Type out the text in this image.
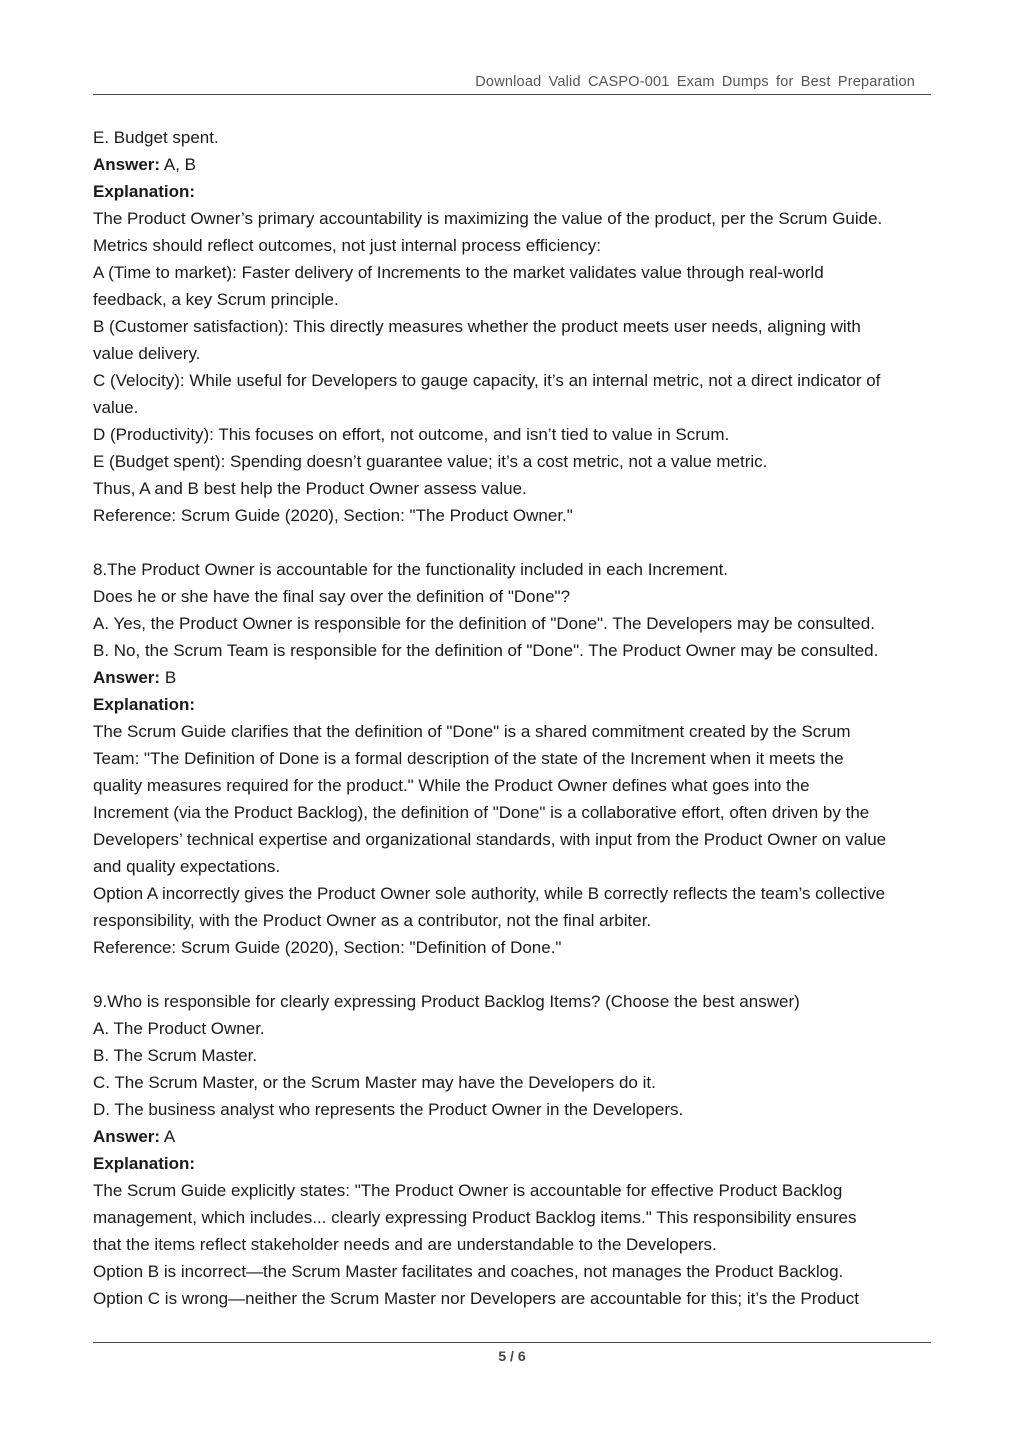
Download Valid CASPO-001 Exam Dumps for Best Preparation
E. Budget spent.
Answer: A, B
Explanation:
The Product Owner’s primary accountability is maximizing the value of the product, per the Scrum Guide.
Metrics should reflect outcomes, not just internal process efficiency:
A (Time to market): Faster delivery of Increments to the market validates value through real-world
feedback, a key Scrum principle.
B (Customer satisfaction): This directly measures whether the product meets user needs, aligning with
value delivery.
C (Velocity): While useful for Developers to gauge capacity, it’s an internal metric, not a direct indicator of
value.
D (Productivity): This focuses on effort, not outcome, and isn’t tied to value in Scrum.
E (Budget spent): Spending doesn’t guarantee value; it’s a cost metric, not a value metric.
Thus, A and B best help the Product Owner assess value.
Reference: Scrum Guide (2020), Section: "The Product Owner."
8.The Product Owner is accountable for the functionality included in each Increment.
Does he or she have the final say over the definition of "Done"?
A. Yes, the Product Owner is responsible for the definition of "Done". The Developers may be consulted.
B. No, the Scrum Team is responsible for the definition of "Done". The Product Owner may be consulted.
Answer: B
Explanation:
The Scrum Guide clarifies that the definition of "Done" is a shared commitment created by the Scrum
Team: "The Definition of Done is a formal description of the state of the Increment when it meets the
quality measures required for the product." While the Product Owner defines what goes into the
Increment (via the Product Backlog), the definition of "Done" is a collaborative effort, often driven by the
Developers’ technical expertise and organizational standards, with input from the Product Owner on value
and quality expectations.
Option A incorrectly gives the Product Owner sole authority, while B correctly reflects the team’s collective
responsibility, with the Product Owner as a contributor, not the final arbiter.
Reference: Scrum Guide (2020), Section: "Definition of Done."
9.Who is responsible for clearly expressing Product Backlog Items? (Choose the best answer)
A. The Product Owner.
B. The Scrum Master.
C. The Scrum Master, or the Scrum Master may have the Developers do it.
D. The business analyst who represents the Product Owner in the Developers.
Answer: A
Explanation:
The Scrum Guide explicitly states: "The Product Owner is accountable for effective Product Backlog
management, which includes... clearly expressing Product Backlog items." This responsibility ensures
that the items reflect stakeholder needs and are understandable to the Developers.
Option B is incorrect—the Scrum Master facilitates and coaches, not manages the Product Backlog.
Option C is wrong—neither the Scrum Master nor Developers are accountable for this; it’s the Product
5 / 6
